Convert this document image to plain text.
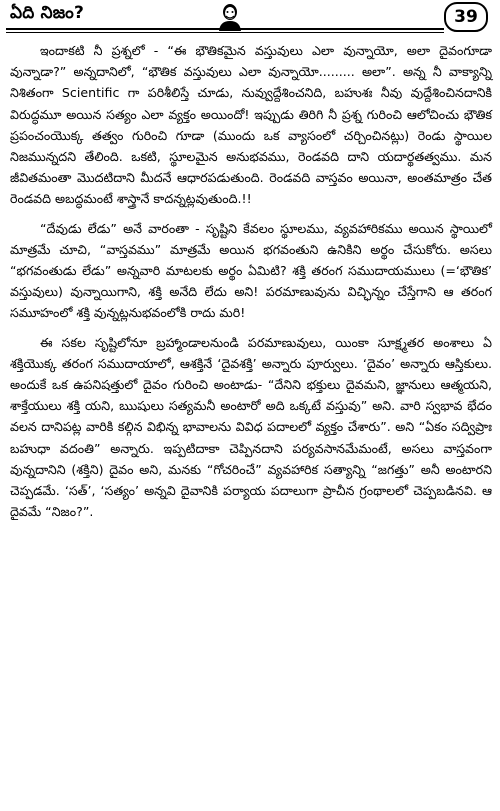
ఏది నిజం?	39

ఇందాకటి నీ ప్రశ్నలో - “ఈ భౌతికమైన వస్తువులు ఎలా వున్నాయో, అలా దైవంగూడా వున్నాడా?” అన్నదానిలో, “భౌతిక వస్తువులు ఎలా వున్నాయో......... అలా”. అన్న నీ వాక్యాన్ని నిశితంగా Scientific గా పరిశీలిస్తే చూడు, నువ్వుద్దేశించనిది, బహుశః నీవు వుద్దేశించినదానికి విరుద్ధమూ అయిన సత్యం ఎలా వ్యక్తం అయిందో! ఇప్పుడు తిరిగి నీ ప్రశ్న గురించి ఆలోచించు భౌతిక ప్రపంచంయొక్క తత్వం గురించి గూడా (ముందు ఒక వ్యాసంలో చర్చించినట్లు) రెండు స్థాయిల నిజమున్నదని తేలింది. ఒకటి, స్థూలమైన అనుభవము, రెండవది దాని యదార్థతత్వము. మన జీవితమంతా మొదటిదాని మీదనే ఆధారపడుతుంది. రెండవది వాస్తవం అయినా, అంతమాత్రం చేత రెండవది అబద్ధమంటే శాస్త్రానే కాదన్నట్లవుతుంది.!!

“దేవుడు లేడు” అనే వారంతా - సృష్టిని కేవలం స్థూలము, వ్యవహారికము అయిన స్థాయిలో మాత్రమే చూచి, “వాస్తవము” మాత్రమే అయిన భగవంతుని ఉనికిని అర్థం చేసుకోరు. అసలు “భగవంతుడు లేడు” అన్నవారి మాటలకు అర్థం ఏమిటి? శక్తి తరంగ సముదాయములు (=‘భౌతిక’ వస్తువులు) వున్నాయిగాని, శక్తి అనేది లేదు అని! పరమాణువును విచ్ఛిన్నం చేస్తేగాని ఆ తరంగ సమూహంలో శక్తి వున్నట్లనుభవంలోకి రాదు మరి!

ఈ సకల సృష్టిలోనూ బ్రహ్మాండాలనుండి పరమాణువులు, యింకా సూక్ష్మతర అంశాలు ఏ శక్తియొక్క తరంగ సముదాయాలో, ఆశక్తినే ‘దైవశక్తి’ అన్నారు పూర్వులు. ‘దైవం’ అన్నారు ఆస్తికులు. అందుకే ఒక ఉపనిషత్తులో దైవం గురించి అంటాడు- “దేనిని భక్తులు దైవమని, జ్ఞానులు ఆత్మయని, శాక్తేయులు శక్తి యని, ఋషులు సత్యమనీ అంటారో అది ఒక్కటే వస్తువు” అని. వారి స్వభావ భేదం వలన దానిపట్ల వారికి కల్గిన విభిన్న భావాలను వివిధ పదాలలో వ్యక్తం చేశారు”. అని “ఏకం సద్విప్రాః బహుధా వదంతి” అన్నారు. ఇప్పటిదాకా చెప్పినదాని పర్యవసానమేమంటే, అసలు వాస్తవంగా వున్నదానిని (శక్తిని) దైవం అని, మనకు “గోచరించే” వ్యవహారిక సత్యాన్ని “జగత్తు” అనీ అంటారని చెప్పడమే. ‘సత్’, ‘సత్యం’ అన్నవి దైవానికి పర్యాయ పదాలుగా ప్రాచీన గ్రంథాలలో చెప్పబడినవి. ఆ దైవమే “నిజం?”.
